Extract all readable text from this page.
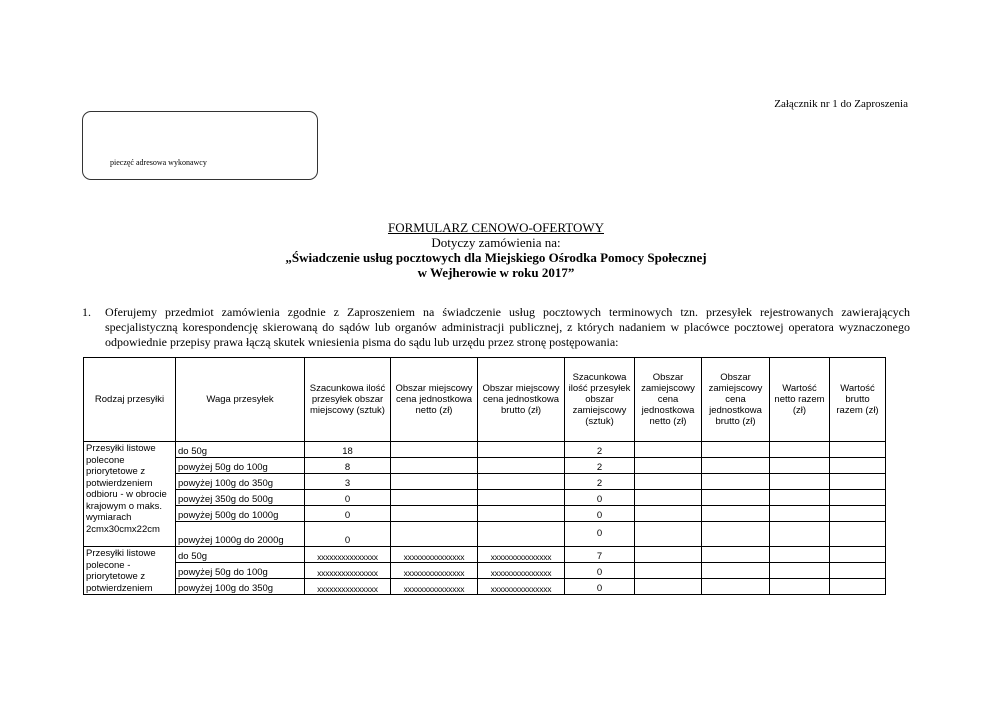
Załącznik nr 1 do Zaproszenia
pieczęć adresowa wykonawcy
FORMULARZ CENOWO-OFERTOWY
Dotyczy zamówienia na:
„Świadczenie usług pocztowych dla Miejskiego Ośrodka Pomocy Społecznej
w Wejherowie w roku 2017”
1. Oferujemy przedmiot zamówienia zgodnie z Zaproszeniem na świadczenie usług pocztowych terminowych tzn. przesyłek rejestrowanych zawierających specjalistyczną korespondencję skierowaną do sądów lub organów administracji publicznej, z których nadaniem w placówce pocztowej operatora wyznaczonego odpowiednie przepisy prawa łączą skutek wniesienia pisma do sądu lub urzędu przez stronę postępowania:
Rodzaj przesyłki	Waga przesyłek	Szacunkowa ilość przesyłek obszar miejscowy (sztuk)	Obszar miejscowy cena jednostkowa netto (zł)	Obszar miejscowy cena jednostkowa brutto (zł)	Szacunkowa ilość przesyłek obszar zamiejscowy (sztuk)	Obszar zamiejscowy cena jednostkowa netto (zł)	Obszar zamiejscowy cena jednostkowa brutto (zł)	Wartość netto razem (zł)	Wartość brutto razem (zł)
Przesyłki listowe polecone priorytetowe z potwierdzeniem odbioru - w obrocie krajowym o maks. wymiarach 2cmx30cmx22cm	do 50g	18			2				
	powyżej 50g do 100g	8			2				
	powyżej 100g do 350g	3			2				
	powyżej 350g do 500g	0			0				
	powyżej 500g do 1000g	0			0				
	powyżej 1000g do 2000g	0			0				
Przesyłki listowe polecone - priorytetowe z potwierdzeniem	do 50g	xxxxxxxxxxxxxxx	xxxxxxxxxxxxxxx	xxxxxxxxxxxxxxx	7				
	powyżej 50g do 100g	xxxxxxxxxxxxxxx	xxxxxxxxxxxxxxx	xxxxxxxxxxxxxxx	0				
	powyżej 100g do 350g	xxxxxxxxxxxxxxx	xxxxxxxxxxxxxxx	xxxxxxxxxxxxxxx	0				
